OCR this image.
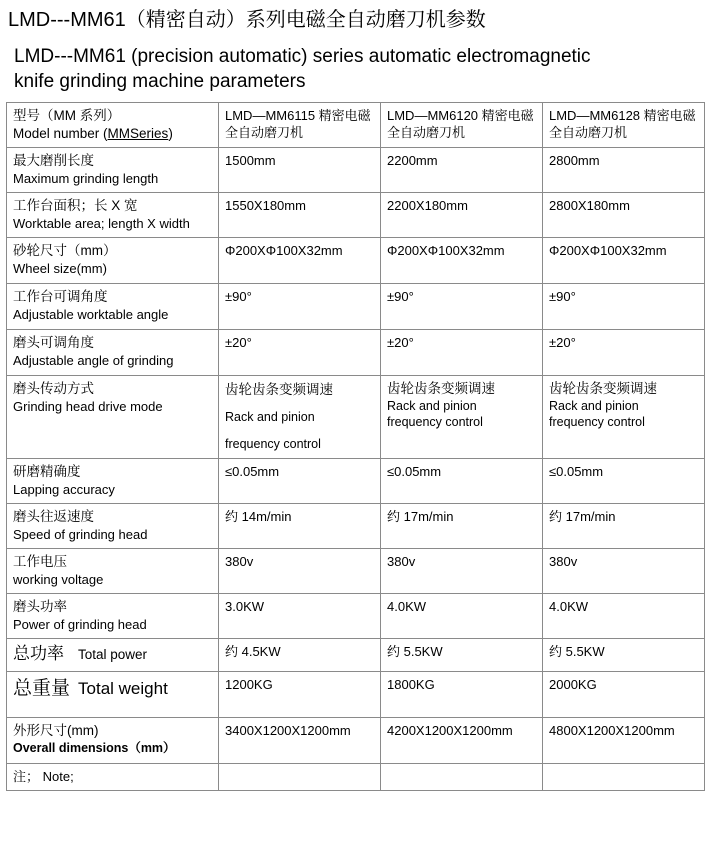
LMD---MM61（精密自动）系列电磁全自动磨刀机参数
LMD---MM61 (precision automatic) series automatic electromagnetic knife grinding machine parameters
型号（MM 系列）
Model number (MMSeries)	LMD—MM6115 精密电磁全自动磨刀机	LMD—MM6120 精密电磁全自动磨刀机	LMD—MM6128 精密电磁全自动磨刀机

最大磨削长度
Maximum grinding length	1500mm	2200mm	2800mm

工作台面积；长 X 宽
Worktable area; length X width	1550X180mm	2200X180mm	2800X180mm

砂轮尺寸（mm）
Wheel size(mm)	Φ200XΦ100X32mm	Φ200XΦ100X32mm	Φ200XΦ100X32mm

工作台可调角度
Adjustable worktable angle	±90°	±90°	±90°

磨头可调角度
Adjustable angle of grinding	±20°	±20°	±20°

磨头传动方式
Grinding head drive mode	齿轮齿条变频调速
Rack and pinion
frequency control	齿轮齿条变频调速
Rack and pinion
frequency control	齿轮齿条变频调速
Rack and pinion
frequency control

研磨精确度
Lapping accuracy	≤0.05mm	≤0.05mm	≤0.05mm

磨头往返速度
Speed of grinding head	约 14m/min	约 17m/min	约 17m/min

工作电压
working voltage	380v	380v	380v

磨头功率
Power of grinding head	3.0KW	4.0KW	4.0KW
总功率 Total power	约 4.5KW	约 5.5KW	约 5.5KW
总重量 Total weight	1200KG	1800KG	2000KG

外形尺寸(mm)
Overall dimensions（mm）	3400X1200X1200mm	4200X1200X1200mm	4800X1200X1200mm
注； Note;			
